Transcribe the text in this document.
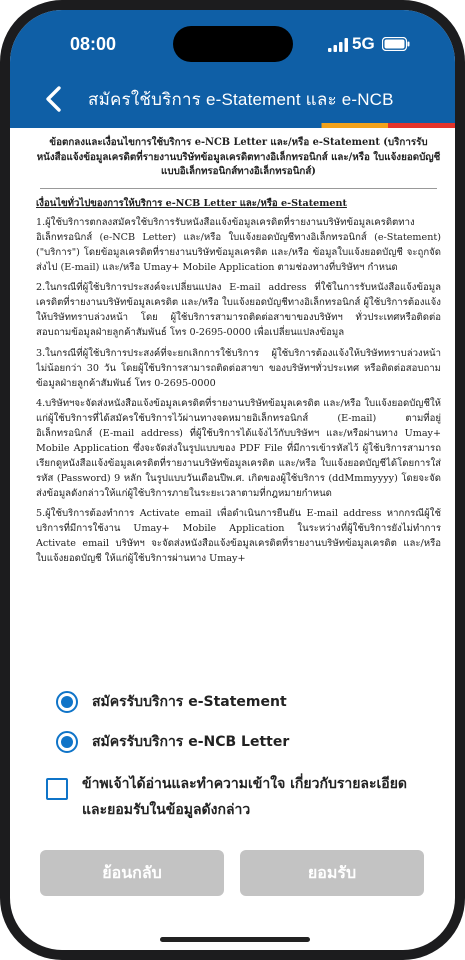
08:00	5G
สมัครใช้บริการ e-Statement และ e-NCB
ข้อตกลงและเงื่อนไขการใช้บริการ e-NCB Letter และ/หรือ e-Statement (บริการรับหนังสือแจ้งข้อมูลเครดิตที่รายงานบริษัทข้อมูลเครดิตทางอิเล็กทรอนิกส์ และ/หรือ ใบแจ้งยอดบัญชีแบบอิเล็กทรอนิกส์ทางอิเล็กทรอนิกส์)
เงื่อนไขทั่วไปของการให้บริการ e-NCB Letter และ/หรือ e-Statement

1.ผู้ใช้บริการตกลงสมัครใช้บริการรับหนังสือแจ้งข้อมูลเครดิตที่รายงานบริษัทข้อมูลเครดิตทางอิเล็กทรอนิกส์ (e-NCB Letter) และ/หรือ ใบแจ้งยอดบัญชีทางอิเล็กทรอนิกส์ (e-Statement) ("บริการ") โดยข้อมูลเครดิตที่รายงานบริษัทข้อมูลเครดิต และ/หรือ ข้อมูลใบแจ้งยอดบัญชี จะถูกจัดส่งไป (E-mail) และ/หรือ Umay+ Mobile Application ตามช่องทางที่บริษัทฯ กำหนด

2.ในกรณีที่ผู้ใช้บริการประสงค์จะเปลี่ยนแปลง E-mail address ที่ใช้ในการรับหนังสือแจ้งข้อมูลเครดิตที่รายงานบริษัทข้อมูลเครดิต และ/หรือ ใบแจ้งยอดบัญชีทางอิเล็กทรอนิกส์ ผู้ใช้บริการต้องแจ้งให้บริษัททราบล่วงหน้า โดย ผู้ใช้บริการสามารถติดต่อสาขาของบริษัทฯ ทั่วประเทศหรือติดต่อสอบถามข้อมูลฝ่ายลูกค้าสัมพันธ์ โทร 0-2695-0000 เพื่อเปลี่ยนแปลงข้อมูล

3.ในกรณีที่ผู้ใช้บริการประสงค์ที่จะยกเลิกการใช้บริการ ผู้ใช้บริการต้องแจ้งให้บริษัททราบล่วงหน้าไม่น้อยกว่า 30 วัน โดยผู้ใช้บริการสามารถติดต่อสาขา ของบริษัทฯทั่วประเทศ หรือติดต่อสอบถามข้อมูลฝ่ายลูกค้าสัมพันธ์ โทร 0-2695-0000

4.บริษัทฯจะจัดส่งหนังสือแจ้งข้อมูลเครดิตที่รายงานบริษัทข้อมูลเครดิต และ/หรือ ใบแจ้งยอดบัญชีให้แก่ผู้ใช้บริการที่ได้สมัครใช้บริการไว้ผ่านทางจดหมายอิเล็กทรอนิกส์ (E-mail) ตามที่อยู่อิเล็กทรอนิกส์ (E-mail address) ที่ผู้ใช้บริการได้แจ้งไว้กับบริษัทฯ และ/หรือผ่านทาง Umay+ Mobile Application ซึ่งจะจัดส่งในรูปแบบของ PDF File ที่มีการเข้ารหัสไว้ ผู้ใช้บริการสามารถเรียกดูหนังสือแจ้งข้อมูลเครดิตที่รายงานบริษัทข้อมูลเครดิต และ/หรือ ใบแจ้งยอดบัญชีได้โดยการใส่รหัส (Password) 9 หลัก ในรูปแบบวันเดือนปีพ.ศ. เกิดของผู้ใช้บริการ (ddMmmyyyy) โดยจะจัดส่งข้อมูลดังกล่าวให้แก่ผู้ใช้บริการภายในระยะเวลาตามที่กฎหมายกำหนด

5.ผู้ใช้บริการต้องทำการ Activate email เพื่อดำเนินการยืนยัน E-mail address หากกรณีผู้ใช้บริการที่มีการใช้งาน Umay+ Mobile Application ในระหว่างที่ผู้ใช้บริการยังไม่ทำการ Activate email บริษัทฯ จะจัดส่งหนังสือแจ้งข้อมูลเครดิตที่รายงานบริษัทข้อมูลเครดิต และ/หรือ ใบแจ้งยอดบัญชี ให้แก่ผู้ใช้บริการผ่านทาง Umay+

สมัครรับบริการ e-Statement
สมัครรับบริการ e-NCB Letter
ข้าพเจ้าได้อ่านและทำความเข้าใจ เกี่ยวกับรายละเอียด และยอมรับในข้อมูลดังกล่าว
ย้อนกลับ	ยอมรับ
